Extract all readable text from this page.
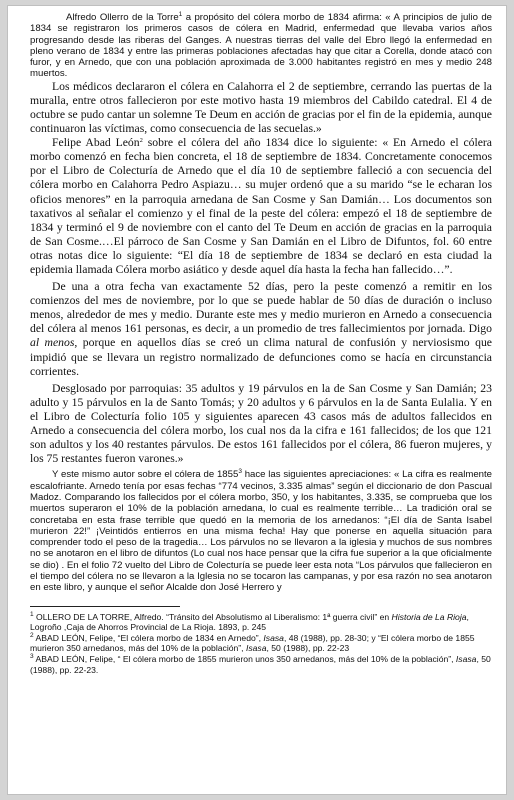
Alfredo Ollerro de la Torre$^1$ a propósito del cólera morbo de 1834 afirma: « A principios de julio de 1834 se registraron los primeros casos de cólera en Madrid, enfermedad que llevaba varios años progresando desde las riberas del Ganges. A nuestras tierras del valle del Ebro llegó la enfermedad en pleno verano de 1834 y entre las primeras poblaciones afectadas hay que citar a Corella, donde atacó con furor, y en Arnedo, que con una población aproximada de 3.000 habitantes registró en mes y medio 248 muertos.

Los médicos declararon el cólera en Calahorra el 2 de septiembre, cerrando las puertas de la muralla, entre otros fallecieron por este motivo hasta 19 miembros del Cabildo catedral. El 4 de octubre se pudo cantar un solemne Te Deum en acción de gracias por el fin de la epidemia, aunque continuaron las víctimas, como consecuencia de las secuelas.»

Felipe Abad León$^2$ sobre el cólera del año 1834 dice lo siguiente: « En Arnedo el cólera morbo comenzó en fecha bien concreta, el 18 de septiembre de 1834. Concretamente conocemos por el Libro de Colecturía de Arnedo que el día 10 de septiembre falleció a con secuencia del cólera morbo en Calahorra Pedro Aspiazu… su mujer ordenó que a su marido “se le echaran los oficios menores” en la parroquia arnedana de San Cosme y San Damián… Los documentos son taxativos al señalar el comienzo y el final de la peste del cólera: empezó el 18 de septiembre de 1834 y terminó el 9 de noviembre con el canto del Te Deum en acción de gracias en la parroquia de San Cosme.…El párroco de San Cosme y San Damián en el Libro de Difuntos, fol. 60 entre otras notas dice lo siguiente: “El día 18 de septiembre de 1834 se declaró en esta ciudad la epidemia llamada Cólera morbo asiático y desde aquel día hasta la fecha han fallecido…”.

De una a otra fecha van exactamente 52 días, pero la peste comenzó a remitir en los comienzos del mes de noviembre, por lo que se puede hablar de 50 días de duración o incluso menos, alrededor de mes y medio. Durante este mes y medio murieron en Arnedo a consecuencia del cólera al menos 161 personas, es decir, a un promedio de tres fallecimientos por jornada. Digo al menos, porque en aquellos días se creó un clima natural de confusión y nerviosismo que impidió que se llevara un registro normalizado de defunciones como se hacía en circunstancia corrientes.

Desglosado por parroquias: 35 adultos y 19 párvulos en la de San Cosme y San Damián; 23 adulto y 15 párvulos en la de Santo Tomás; y 20 adultos y 6 párvulos en la de Santa Eulalia. Y en el Libro de Colecturía folio 105 y siguientes aparecen 43 casos más de adultos fallecidos en Arnedo a consecuencia del cólera morbo, los cual nos da la cifra e 161 fallecidos; de los que 121 son adultos y los 40 restantes párvulos. De estos 161 fallecidos por el cólera, 86 fueron mujeres, y los 75 restantes fueron varones.»

Y este mismo autor sobre el cólera de 1855$^3$ hace las siguientes apreciaciones: « La cifra es realmente escalofriante. Arnedo tenía por esas fechas “774 vecinos, 3.335 almas” según el diccionario de don Pascual Madoz. Comparando los fallecidos por el cólera morbo, 350, y los habitantes, 3.335, se comprueba que los muertos superaron el 10% de la población arnedana, lo cual es realmente terrible… La tradición oral se concretaba en esta frase terrible que quedó en la memoria de los arnedanos: “¡El día de Santa Isabel murieron 22!” ¡Veintidós entierros en una misma fecha! Hay que ponerse en aquella situación para comprender todo el peso de la tragedia… Los párvulos no se llevaron a la iglesia y muchos de sus nombres no se anotaron en el libro de difuntos (Lo cual nos hace pensar que la cifra fue superior a la que oficialmente se dio) . En el folio 72 vuelto del Libro de Colecturía se puede leer esta nota “Los párvulos que fallecieron en el tiempo del cólera no se llevaron a la Iglesia no se tocaron las campanas, y por esa razón no sea anotaron en este libro, y aunque el señor Alcalde don José Herrero y

$^1$ OLLERO DE LA TORRE, Alfredo. “Tránsito del Absolutismo al Liberalismo: 1ª guerra civil” en Historia de La Rioja, Logroño ,Caja de Ahorros Provincial de La Rioja. 1893, p. 245

$^2$ ABAD LEÓN, Felipe, “El cólera morbo de 1834 en Arnedo”, Isasa, 48 (1988), pp. 28-30; y “El cólera morbo de 1855 murieron 350 arnedanos, más del 10% de la población”, Isasa, 50 (1988), pp. 22-23

$^3$ ABAD LEÓN, Felipe, “ El cólera morbo de 1855 murieron unos 350 arnedanos, más del 10% de la población”, Isasa, 50 (1988), pp. 22-23.
